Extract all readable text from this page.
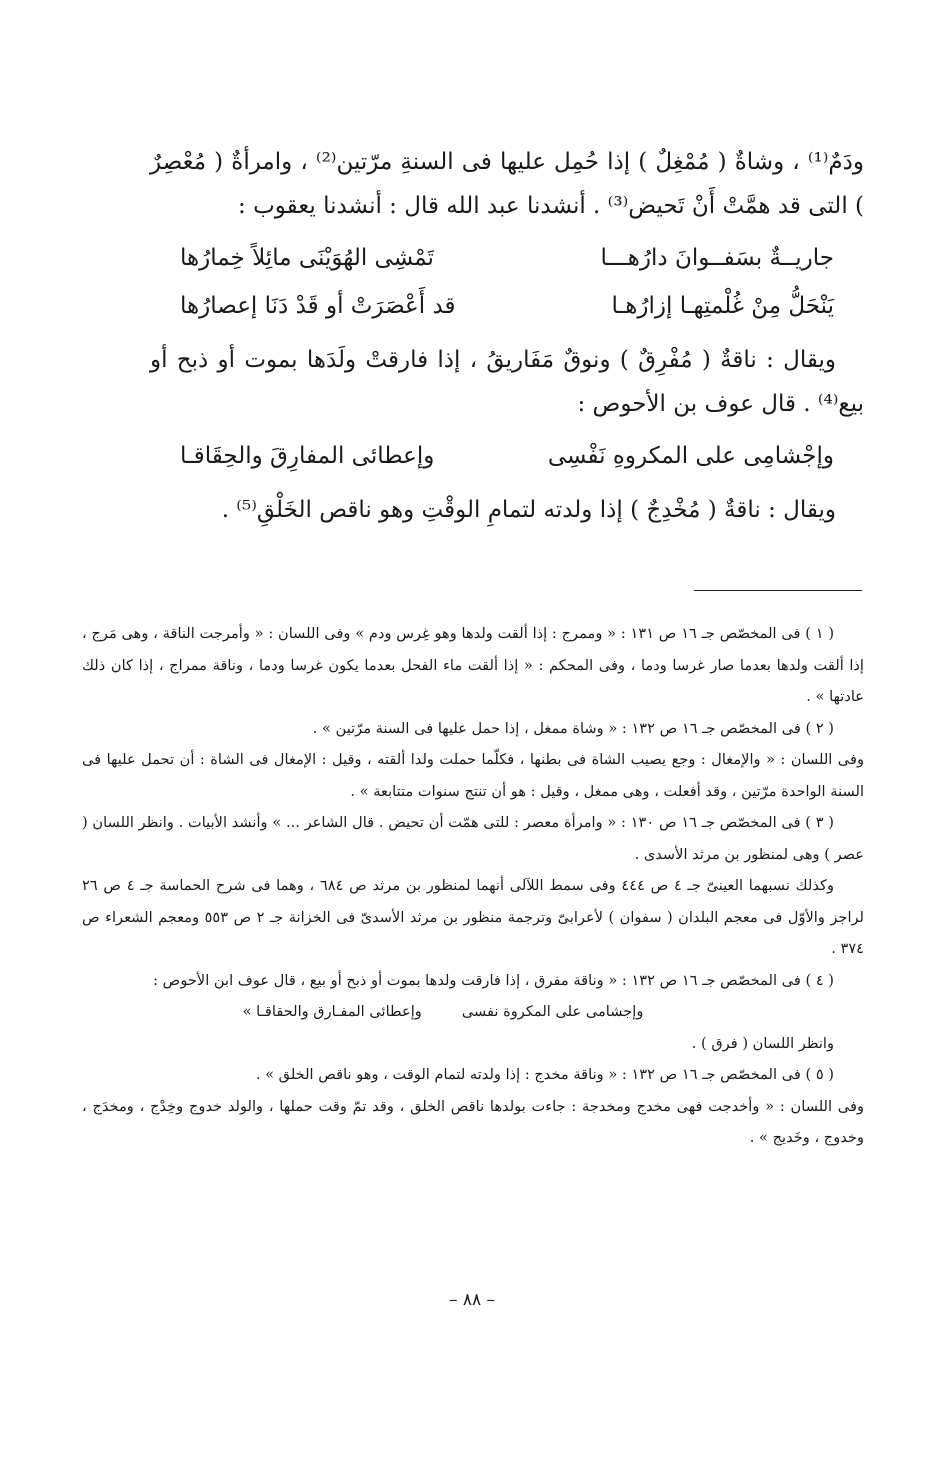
ودَمٌ⁽¹⁾ ، وشاةٌ ( مُمْغِلٌ ) إذا حُمِل عليها فى السنةِ مرّتين⁽²⁾ ، وامرأةٌ ( مُعْصِرٌ ) التى قد همَّتْ أَنْ تَحيض⁽³⁾ . أنشدنا عبد الله قال : أنشدنا يعقوب :

جاريــةٌ بسَفــوانَ دارُهـــا
تَمْشِى الهُوَيْنَى مائِلاً خِمارُها
يَنْحَلُّ مِنْ غُلْمتِهـا إزارُهـا
قد أَعْصَرَتْ أو قَدْ دَنَا إعصارُها

ويقال : ناقةٌ ( مُفْرِقٌ ) ونوقٌ مَفَاريقُ ، إذا فارقتْ ولَدَها بموت أو ذبح أو بيع⁽⁴⁾ . قال عوف بن الأحوص :

وإجْشامِى على المكروهِ نَفْسِى
وإعطائى المفارِقَ والحِقَاقـا

ويقال : ناقةٌ ( مُخْدِجٌ ) إذا ولدته لتمامِ الوقْتِ وهو ناقص الخَلْقِ⁽⁵⁾ .

( ١ ) فى المخصّص جـ ١٦ ص ١٣١ : « وممرج : إذا ألقت ولدها وهو غِرس ودم » وفى اللسان : « وأمرجت الناقة ، وهى مَرج ، إذا ألقت ولدها بعدما صار غرسا ودما ، وفى المحكم : « إذا ألقت ماء الفحل بعدما يكون غرسا ودما ، وناقة ممراج ، إذا كان ذلك عادتها » .

( ٢ ) فى المخصّص جـ ١٦ ص ١٣٢ : « وشاة ممغل ، إذا حمل عليها فى السنة مرّتين » .

وفى اللسان : « والإمغال : وجع يصيب الشاة فى بطنها ، فكلّما حملت ولدا ألقته ، وقيل : الإمغال فى الشاة : أن تحمل عليها فى السنة الواحدة مرّتين ، وقد أفعلت ، وهى ممغل ، وقيل : هو أن تنتج سنوات متتابعة » .

( ٣ ) فى المخصّص جـ ١٦ ص ١٣٠ : « وامرأة معصر : للتى همّت أن تحيض . قال الشاعر ... » وأنشد الأبيات . وانظر اللسان ( عصر ) وهى لمنظور بن مرثد الأسدى .

وكذلك نسبهما العينىّ جـ ٤ ص ٤٤٤ وفى سمط اللآلى أنهما لمنظور بن مرثد ص ٦٨٤ ، وهما فى شرح الحماسة جـ ٤ ص ٢٦ لراجز والأوّل فى معجم البلدان ( سفوان ) لأعرابىّ وترجمة منظور بن مرثد الأسدىّ فى الخزانة جـ ٢ ص ٥٥٣ ومعجم الشعراء ص ٣٧٤ .

( ٤ ) فى المخصّص جـ ١٦ ص ١٣٢ : « وناقة مفرق ، إذا فارقت ولدها بموت أو ذبح أو بيع ، قال عوف ابن الأحوص :

وإجشامى على المكروة نفسى
وإعطائى المفـارق والحقاقـا »

وانظر اللسان ( فرق ) .

( ٥ ) فى المخصّص جـ ١٦ ص ١٣٢ : « وناقة مخدج : إذا ولدته لتمام الوقت ، وهو ناقص الخلق » .

وفى اللسان : « وأخدجت فهى مخدج ومخدجة : جاءت بولدها ناقص الخلق ، وقد تمّ وقت حملها ، والولد خدوج وخِدْج ، ومخدَج ، وخدوج ، وخَديج » .

– ٨٨ –
